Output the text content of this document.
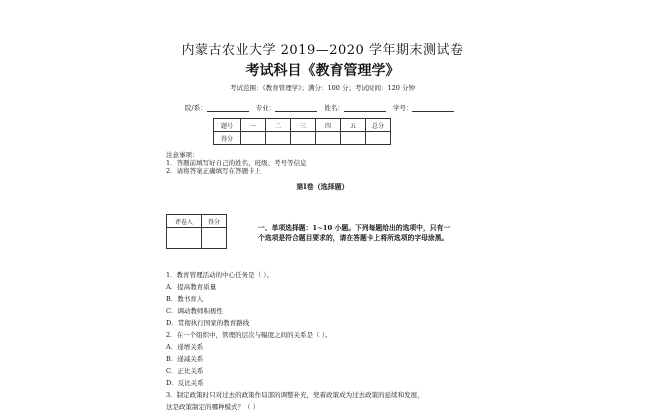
内蒙古农业大学 2019—2020 学年期末测试卷
考试科目《教育管理学》
考试范围：《教育管理学》；满分：100 分；考试时间：120 分钟
院/系：	专业：	姓名：	学号：
题号	一	二	三	四	五	总分
得分						
注意事项：
1．答题前填写好自己的姓名、班级、考号等信息
2．请将答案正确填写在答题卡上
第I卷（选择题）
评卷人	得分

一、单项选择题：1~10 小题。下列每题给出的选项中，只有一
个选项是符合题目要求的，请在答题卡上将所选项的字母涂黑。
1．教育管理活动的中心任务是（ ）。
A．提高教育质量
B．教书育人
C．调动教师积极性
D．贯彻执行国家的教育路线
2．在一个组织中，管理的层次与幅度之间的关系是（ ）。
A．递增关系
B．递减关系
C．正比关系
D．反比关系
3．制定政策时只对过去的政策作局部的调整补充，兜着政策成为过去政策的延续和发展，
这是政策制定的哪种模式？（ ）
